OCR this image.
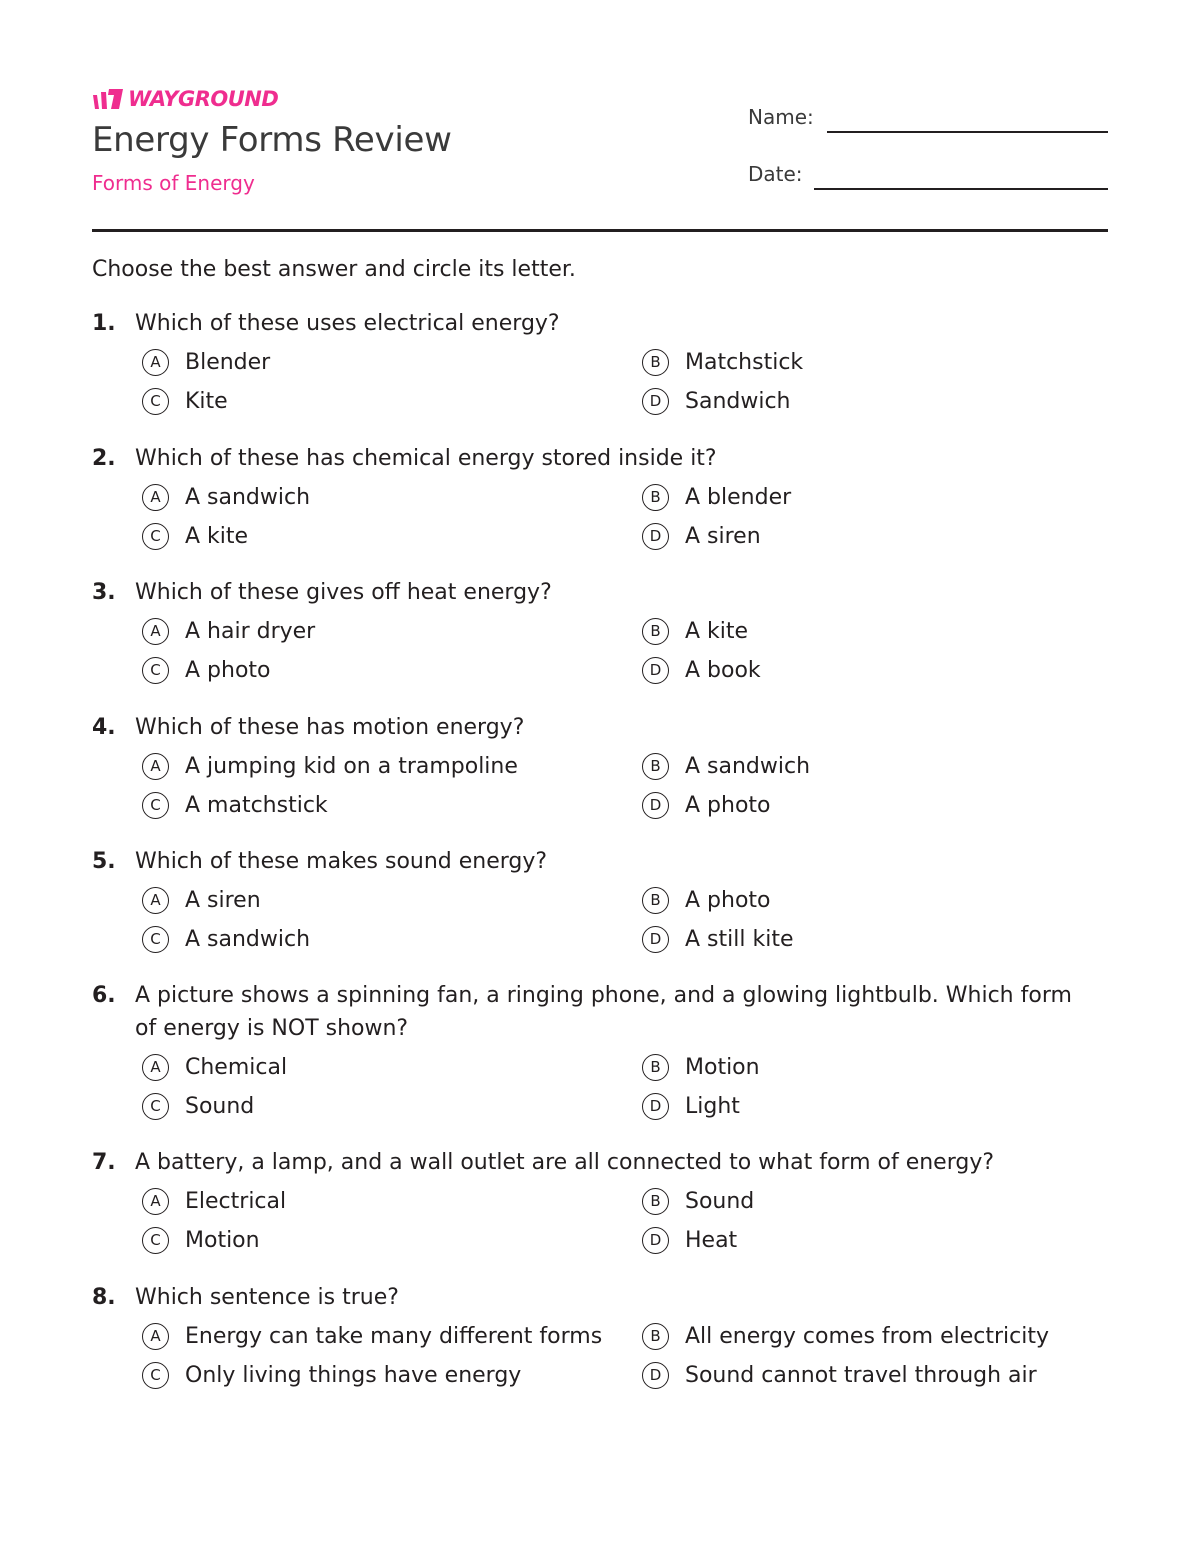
WAYGROUND
Energy Forms Review
Forms of Energy
Name:
Date:
Choose the best answer and circle its letter.
1. Which of these uses electrical energy?
A	Blender	B	Matchstick
C	Kite	D	Sandwich
2. Which of these has chemical energy stored inside it?
A	A sandwich	B	A blender
C	A kite	D	A siren
3. Which of these gives off heat energy?
A	A hair dryer	B	A kite
C	A photo	D	A book
4. Which of these has motion energy?
A	A jumping kid on a trampoline	B	A sandwich
C	A matchstick	D	A photo
5. Which of these makes sound energy?
A	A siren	B	A photo
C	A sandwich	D	A still kite
6. A picture shows a spinning fan, a ringing phone, and a glowing lightbulb. Which form of energy is NOT shown?
A	Chemical	B	Motion
C	Sound	D	Light
7. A battery, a lamp, and a wall outlet are all connected to what form of energy?
A	Electrical	B	Sound
C	Motion	D	Heat
8. Which sentence is true?
A	Energy can take many different forms	B	All energy comes from electricity
C	Only living things have energy	D	Sound cannot travel through air
